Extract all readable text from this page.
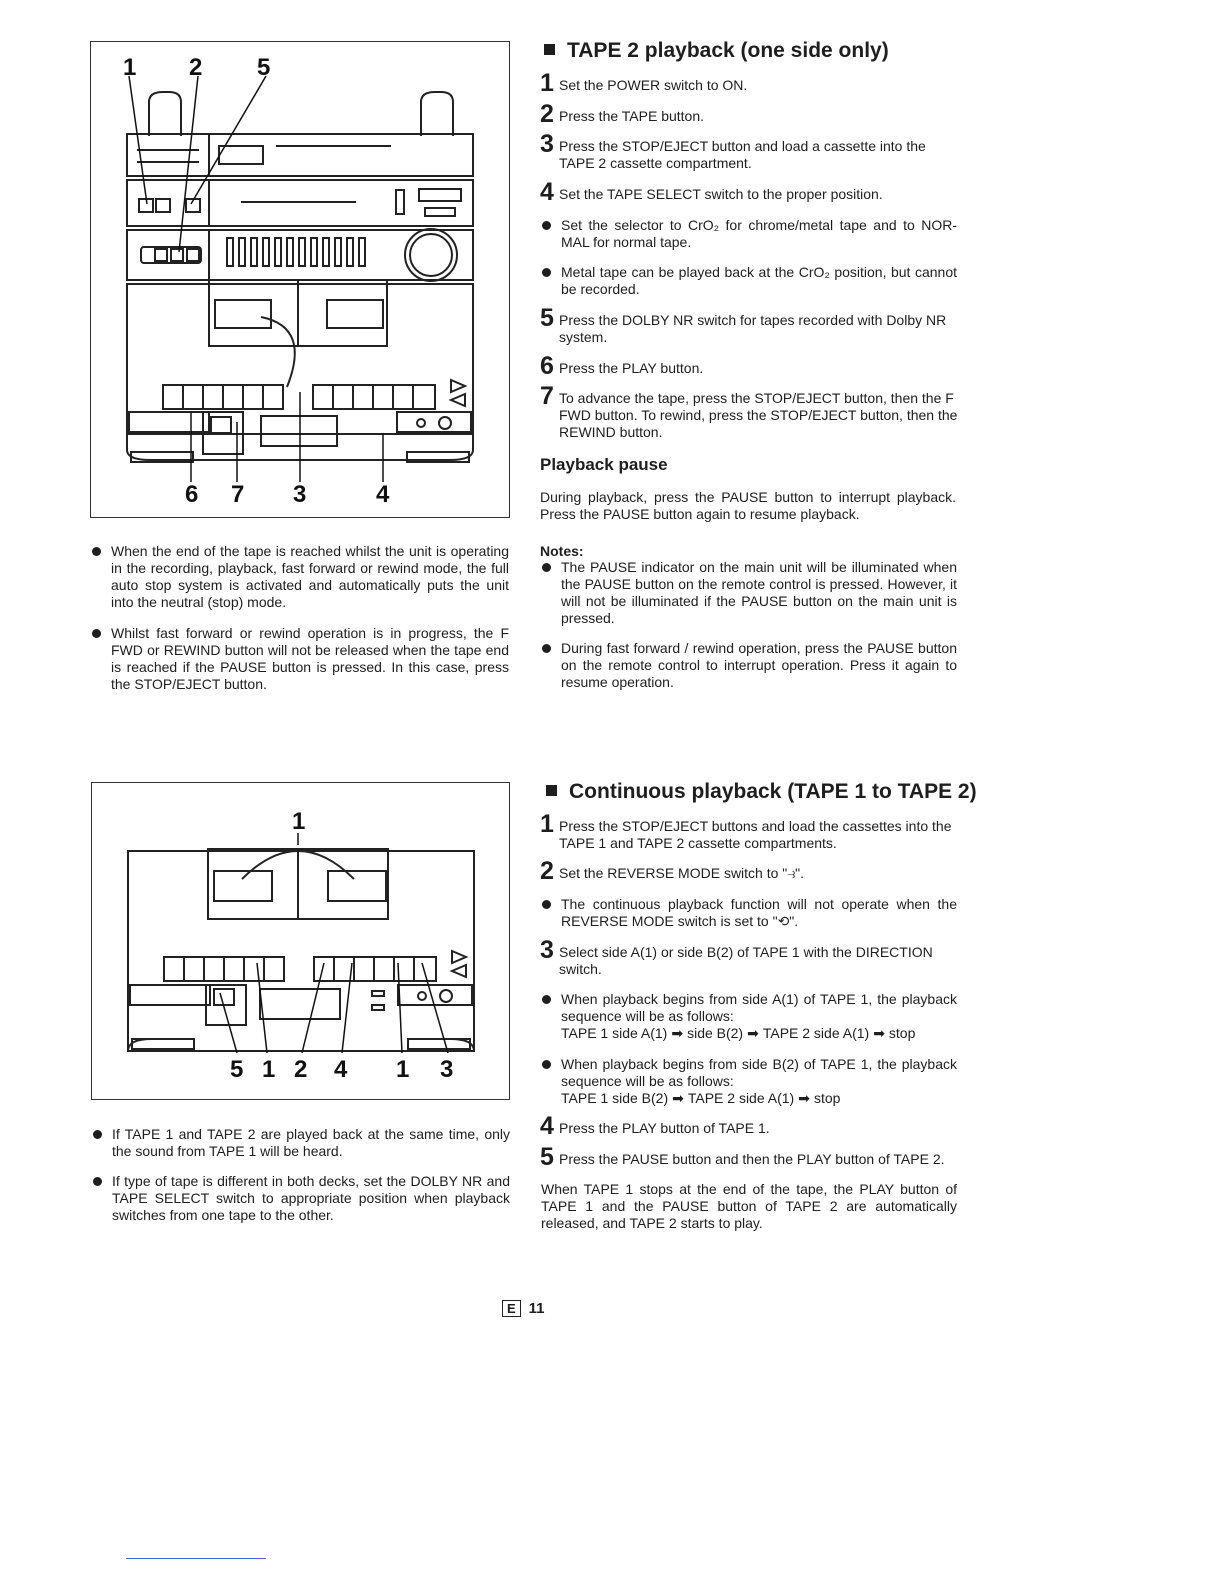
1 2 5
6 7 3	4
When the end of the tape is reached whilst the unit is operating in the recording, playback, fast forward or rewind mode, the full auto stop system is activated and automatically puts the unit into the neutral (stop) mode.
Whilst fast forward or rewind operation is in progress, the F FWD or REWIND button will not be released when the tape end is reached if the PAUSE button is pressed. In this case, press the STOP/EJECT button.
TAPE 2 playback (one side only)
1 Set the POWER switch to ON.
2 Press the TAPE button.
3 Press the STOP/EJECT button and load a cassette into the TAPE 2 cassette compartment.
4 Set the TAPE SELECT switch to the proper position.
Set the selector to CrO₂ for chrome/metal tape and to NOR-MAL for normal tape.
Metal tape can be played back at the CrO₂ position, but cannot be recorded.
5 Press the DOLBY NR switch for tapes recorded with Dolby NR system.
6 Press the PLAY button.
7 To advance the tape, press the STOP/EJECT button, then the F FWD button. To rewind, press the STOP/EJECT button, then the REWIND button.
Playback pause
During playback, press the PAUSE button to interrupt playback. Press the PAUSE button again to resume playback.
Notes:
The PAUSE indicator on the main unit will be illuminated when the PAUSE button on the remote control is pressed. However, it will not be illuminated if the PAUSE button on the main unit is pressed.
During fast forward / rewind operation, press the PAUSE button on the remote control to interrupt operation. Press it again to resume operation.
1
5 1 2 4 1 3
If TAPE 1 and TAPE 2 are played back at the same time, only the sound from TAPE 1 will be heard.
If type of tape is different in both decks, set the DOLBY NR and TAPE SELECT switch to appropriate position when playback switches from one tape to the other.
Continuous playback (TAPE 1 to TAPE 2)
1 Press the STOP/EJECT buttons and load the cassettes into the TAPE 1 and TAPE 2 cassette compartments.
2 Set the REVERSE MODE switch to "⥽".
The continuous playback function will not operate when the REVERSE MODE switch is set to "⟲".
3 Select side A(1) or side B(2) of TAPE 1 with the DIRECTION switch.
When playback begins from side A(1) of TAPE 1, the playback sequence will be as follows:
TAPE 1 side A(1) ➡ side B(2) ➡ TAPE 2 side A(1) ➡ stop
When playback begins from side B(2) of TAPE 1, the playback sequence will be as follows:
TAPE 1 side B(2) ➡ TAPE 2 side A(1) ➡ stop
4 Press the PLAY button of TAPE 1.
5 Press the PAUSE button and then the PLAY button of TAPE 2.
When TAPE 1 stops at the end of the tape, the PLAY button of TAPE 1 and the PAUSE button of TAPE 2 are automatically released, and TAPE 2 starts to play.
E 11
